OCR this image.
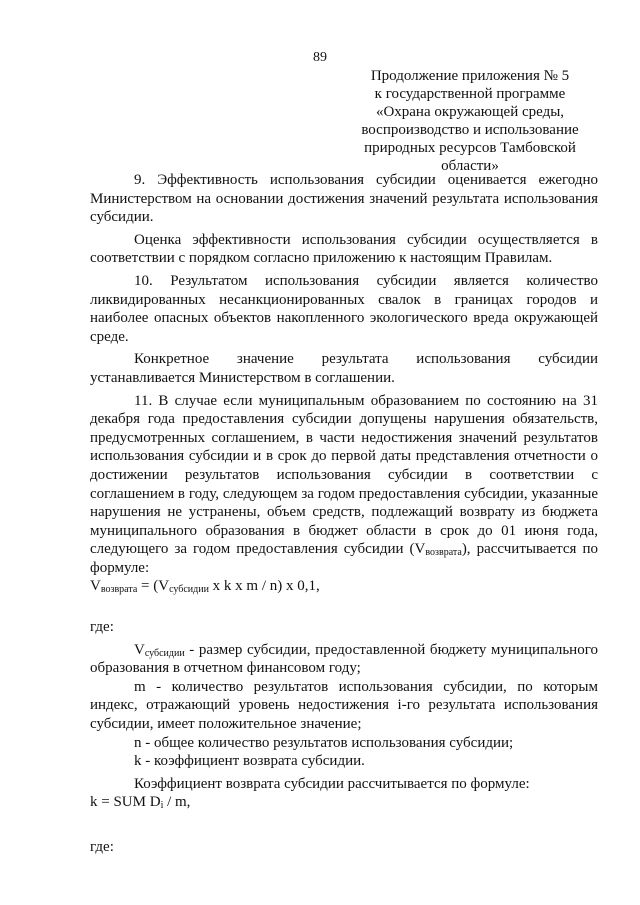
89
Продолжение приложения № 5
к государственной программе
«Охрана окружающей среды,
воспроизводство и использование
природных ресурсов Тамбовской
области»

9. Эффективность использования субсидии оценивается ежегодно Министерством на основании достижения значений результата использования субсидии.

Оценка эффективности использования субсидии осуществляется в соответствии с порядком согласно приложению к настоящим Правилам.

10. Результатом использования субсидии является количество ликвидированных несанкционированных свалок в границах городов и наиболее опасных объектов накопленного экологического вреда окружающей среде.

Конкретное значение результата использования субсидии устанавливается Министерством в соглашении.

11. В случае если муниципальным образованием по состоянию на 31 декабря года предоставления субсидии допущены нарушения обязательств, предусмотренных соглашением, в части недостижения значений результатов использования субсидии и в срок до первой даты представления отчетности о достижении результатов использования субсидии в соответствии с соглашением в году, следующем за годом предоставления субсидии, указанные нарушения не устранены, объем средств, подлежащий возврату из бюджета муниципального образования в бюджет области в срок до 01 июня года, следующего за годом предоставления субсидии $(V_{возврата})$, рассчитывается по формуле:

$V_{возврата} = (V_{субсидии}$ x k x m / n) x 0,1,

где:

$V_{субсидии}$ - размер субсидии, предоставленной бюджету муниципального образования в отчетном финансовом году;

m - количество результатов использования субсидии, по которым индекс, отражающий уровень недостижения i-го результата использования субсидии, имеет положительное значение;

n - общее количество результатов использования субсидии;

k - коэффициент возврата субсидии.

Коэффициент возврата субсидии рассчитывается по формуле:

k = SUM $D_i$ / m,

где:
